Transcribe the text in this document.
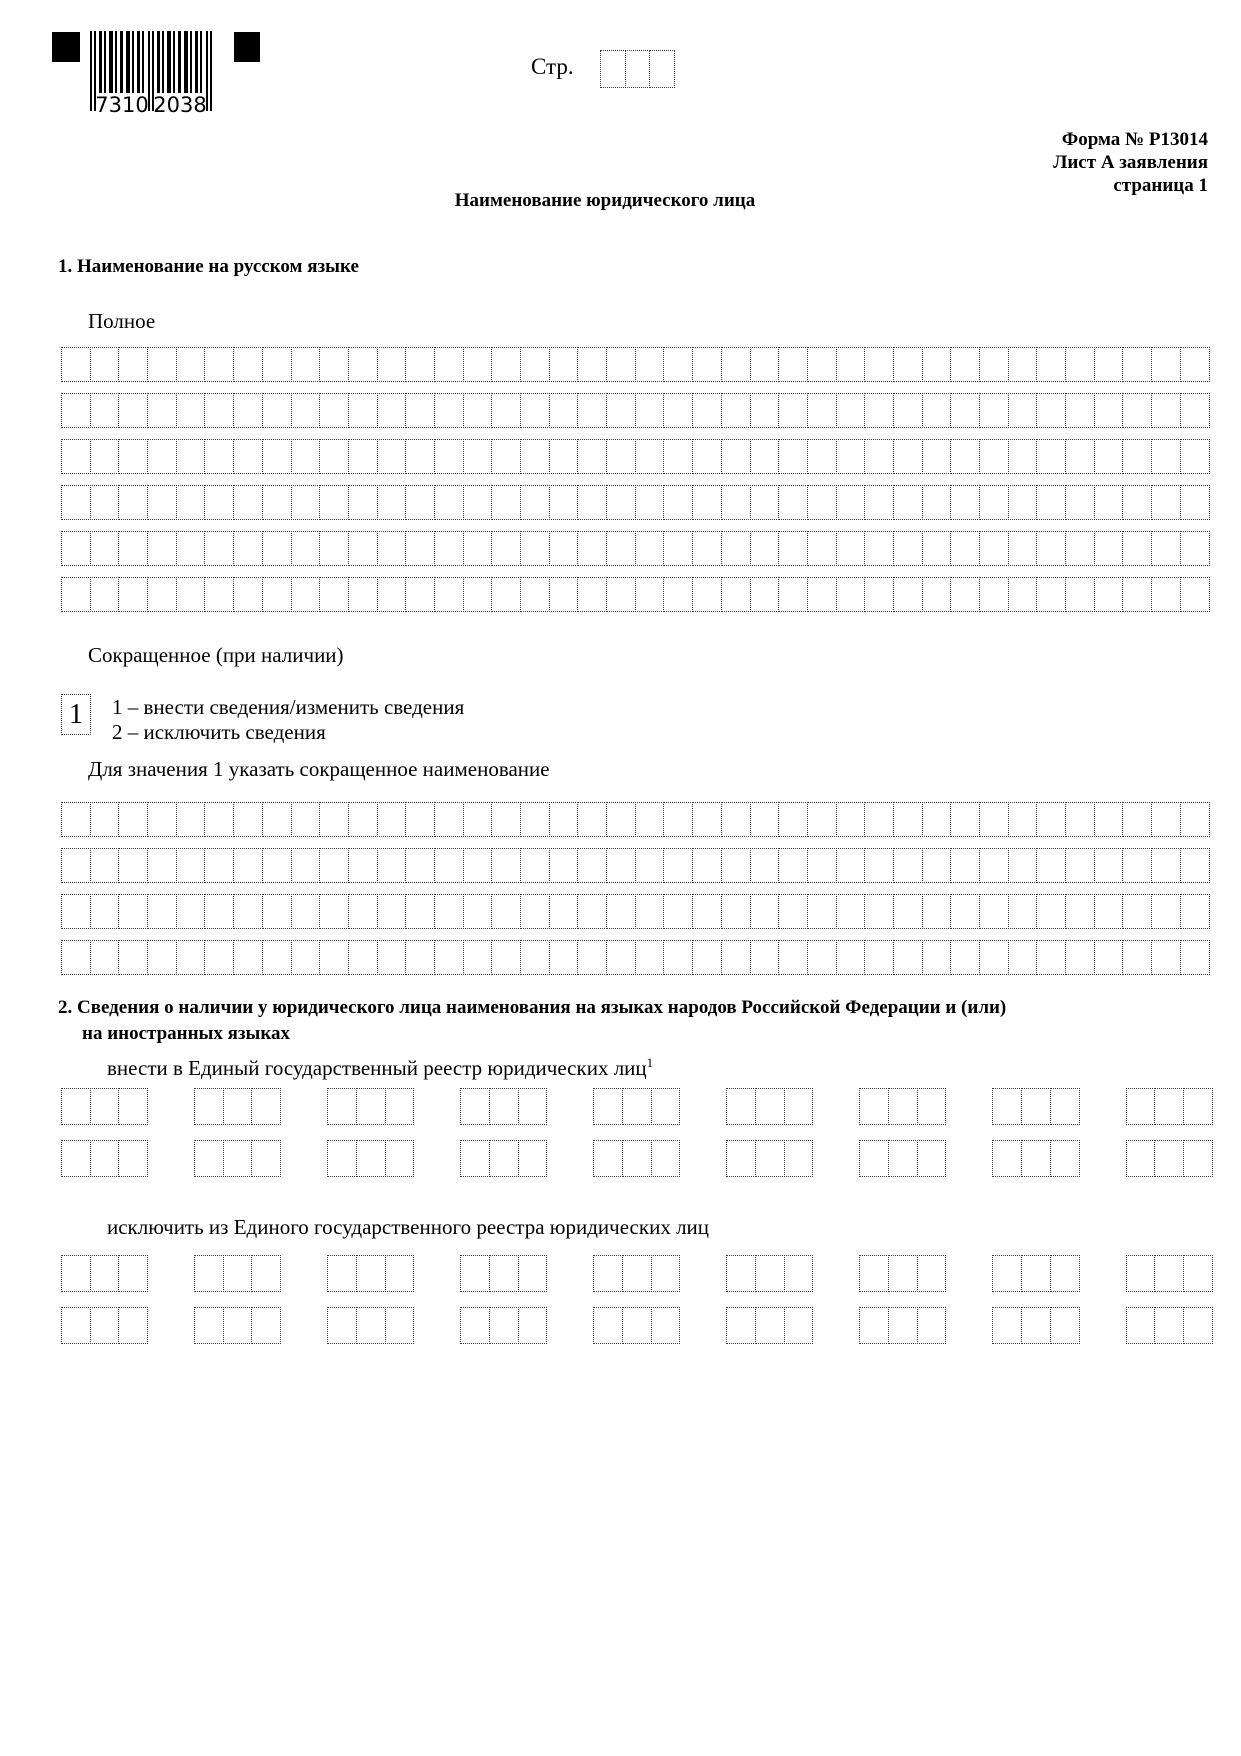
7310 2038
Стр.
Форма № Р13014
Лист А заявления
страница 1
Наименование юридического лица
1. Наименование на русском языке
Полное
Сокращенное (при наличии)
1	1 – внести сведения/изменить сведения
2 – исключить сведения
Для значения 1 указать сокращенное наименование
2. Сведения о наличии у юридического лица наименования на языках народов Российской Федерации и (или)
на иностранных языках
внести в Единый государственный реестр юридических лиц$^1$
исключить из Единого государственного реестра юридических лиц
